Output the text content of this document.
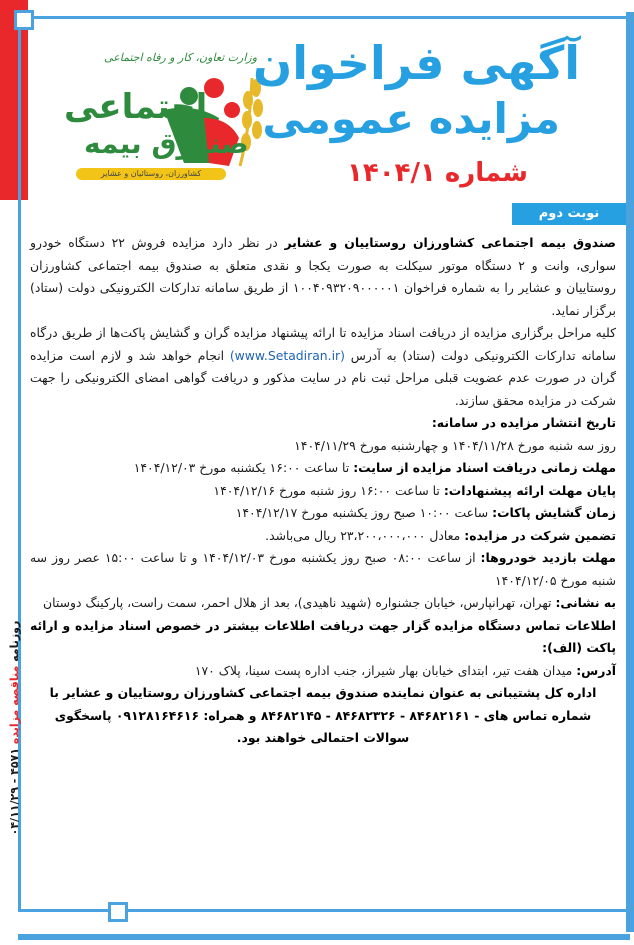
وزارت تعاون، کار و رفاه اجتماعی
اجتماعی
صندوق بیمه
کشاورزان، روستائیان و عشایر
آگهی فراخوان
مزایده عمومی
شماره ۱۴۰۴/۱
نوبت دوم

صندوق بیمه اجتماعی کشاورزان روستاییان و عشایر در نظر دارد مزایده فروش ۲۲ دستگاه خودرو سواری، وانت و ۲ دستگاه موتور سیکلت به صورت یکجا و نقدی متعلق به صندوق بیمه اجتماعی کشاورزان روستاییان و عشایر را به شماره فراخوان ۱۰۰۴۰۹۳۲۰۹۰۰۰۰۰۱ از طریق سامانه تدارکات الکترونیکی دولت (ستاد) برگزار نماید.

کلیه مراحل برگزاری مزایده از دریافت اسناد مزایده تا ارائه پیشنهاد مزایده گران و گشایش پاکت‌ها از طریق درگاه سامانه تدارکات الکترونیکی دولت (ستاد) به آدرس (www.Setadiran.ir) انجام خواهد شد و لازم است مزایده گران در صورت عدم عضویت قبلی مراحل ثبت نام در سایت مذکور و دریافت گواهی امضای الکترونیکی را جهت شرکت در مزایده محقق سازند.

تاریخ انتشار مزایده در سامانه:

روز سه شنبه مورخ ۱۴۰۴/۱۱/۲۸ و چهارشنبه مورخ ۱۴۰۴/۱۱/۲۹

مهلت زمانی دریافت اسناد مزایده از سایت: تا ساعت ۱۶:۰۰ یکشنبه مورخ ۱۴۰۴/۱۲/۰۳

پایان مهلت ارائه پیشنهادات: تا ساعت ۱۶:۰۰ روز شنبه مورخ ۱۴۰۴/۱۲/۱۶

زمان گشایش پاکات: ساعت ۱۰:۰۰ صبح روز یکشنبه مورخ ۱۴۰۴/۱۲/۱۷

تضمین شرکت در مزایده: معادل ۲۳،۲۰۰،۰۰۰،۰۰۰ ریال می‌باشد.

مهلت بازدید خودروها: از ساعت ۰۸:۰۰ صبح روز یکشنبه مورخ ۱۴۰۴/۱۲/۰۳ و تا ساعت ۱۵:۰۰ عصر روز سه شنبه مورخ ۱۴۰۴/۱۲/۰۵

به نشانی: تهران، تهرانپارس، خیابان جشنواره (شهید ناهیدی)، بعد از هلال احمر، سمت راست، پارکینگ دوستان

اطلاعات تماس دستگاه مزایده گزار جهت دریافت اطلاعات بیشتر در خصوص اسناد مزایده و ارائه پاکت (الف):

آدرس: میدان هفت تیر، ابتدای خیابان بهار شیراز، جنب اداره پست سینا، پلاک ۱۷۰

اداره کل پشتیبانی به عنوان نماینده صندوق بیمه اجتماعی کشاورزان روستاییان و عشایر با شماره تماس های - ۸۴۶۸۲۱۶۱ - ۸۴۶۸۲۳۲۶ - ۸۴۶۸۲۱۴۵ و همراه: ۰۹۱۲۸۱۶۴۶۱۶ پاسخگوی سوالات احتمالی خواهند بود.

روزنامه مناقصه مزایده ۴۵۷۱ - ۰۴/۱۱/۲۹
